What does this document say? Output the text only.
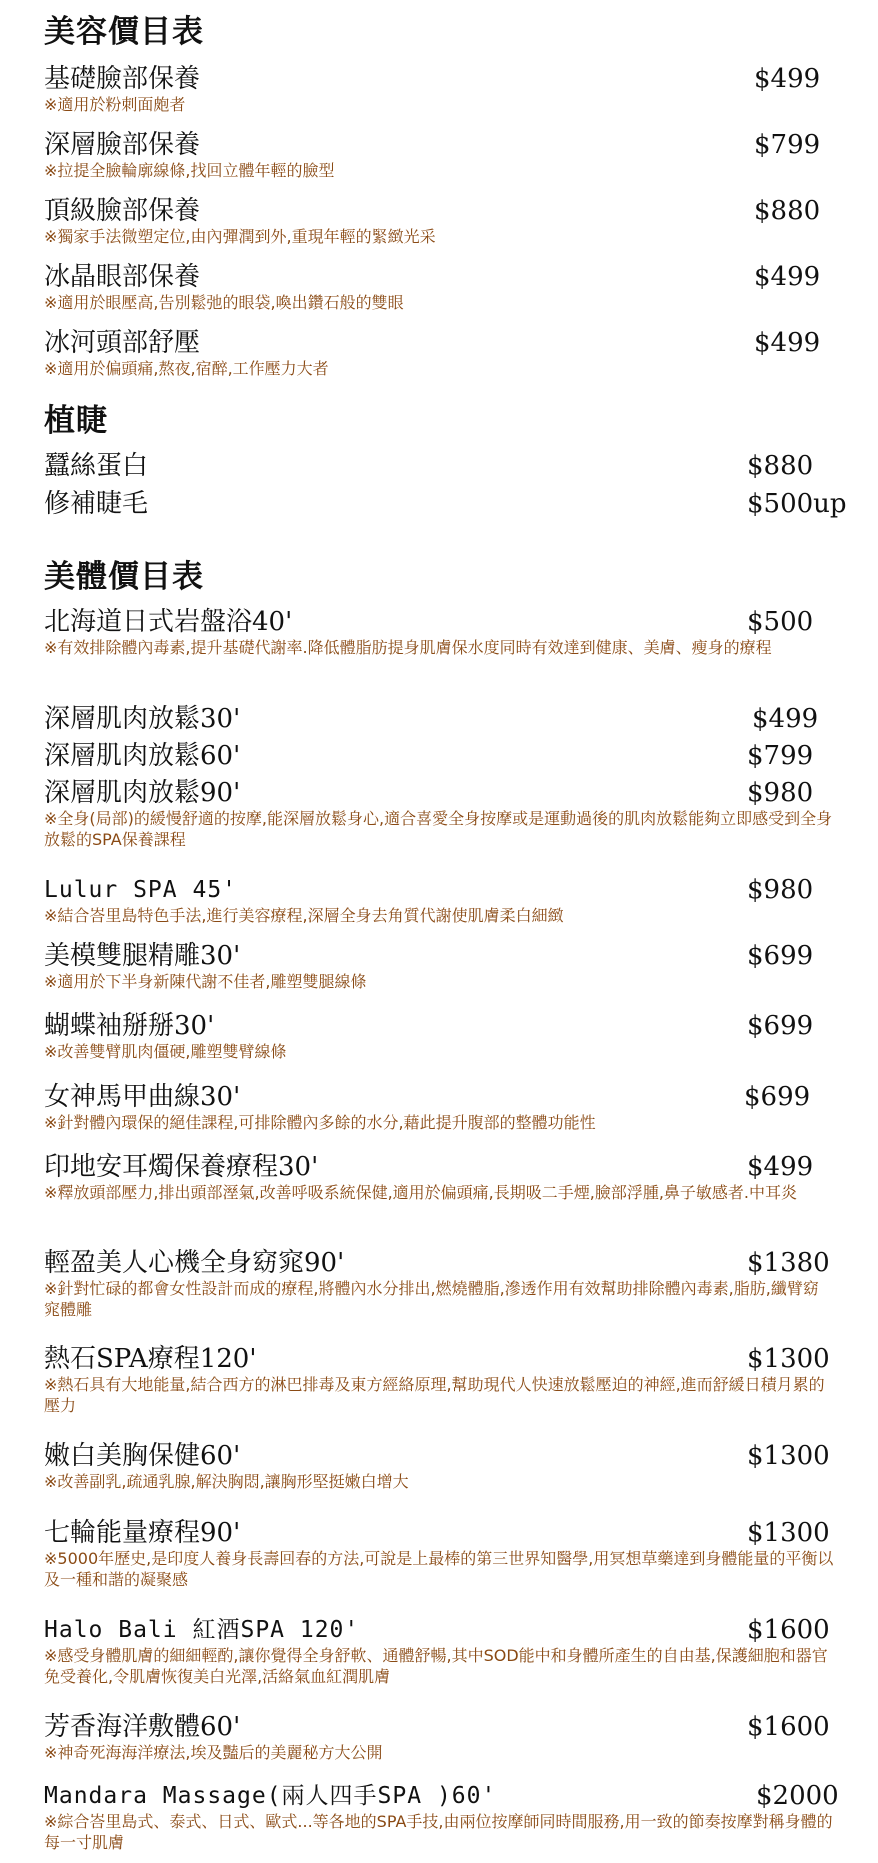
美容價目表
基礎臉部保養	$499
※適用於粉刺面皰者
深層臉部保養	$799
※拉提全臉輪廓線條,找回立體年輕的臉型
頂級臉部保養	$880
※獨家手法微塑定位,由內彈潤到外,重現年輕的緊緻光采
冰晶眼部保養	$499
※適用於眼壓高,告別鬆弛的眼袋,喚出鑽石般的雙眼
冰河頭部舒壓	$499
※適用於偏頭痛,熬夜,宿醉,工作壓力大者
植睫
蠶絲蛋白	$880
修補睫毛	$500up
美體價目表
北海道日式岩盤浴40'	$500
※有效排除體內毒素,提升基礎代謝率.降低體脂肪提身肌膚保水度同時有效達到健康、美膚、瘦身的療程
深層肌肉放鬆30'	$499
深層肌肉放鬆60'	$799
深層肌肉放鬆90'	$980
※全身(局部)的緩慢舒適的按摩,能深層放鬆身心,適合喜愛全身按摩或是運動過後的肌肉放鬆能夠立即感受到全身放鬆的SPA保養課程
Lulur SPA 45'	$980
※結合峇里島特色手法,進行美容療程,深層全身去角質代謝使肌膚柔白細緻
美模雙腿精雕30'	$699
※適用於下半身新陳代謝不佳者,雕塑雙腿線條
蝴蝶袖掰掰30'	$699
※改善雙臂肌肉僵硬,雕塑雙臂線條
女神馬甲曲線30'	$699
※針對體內環保的絕佳課程,可排除體內多餘的水分,藉此提升腹部的整體功能性
印地安耳燭保養療程30'	$499
※釋放頭部壓力,排出頭部溼氣,改善呼吸系統保健,適用於偏頭痛,長期吸二手煙,臉部浮腫,鼻子敏感者.中耳炎
輕盈美人心機全身窈窕90'	$1380
※針對忙碌的都會女性設計而成的療程,將體內水分排出,燃燒體脂,滲透作用有效幫助排除體內毒素,脂肪,纖臂窈窕體雕
熱石SPA療程120'	$1300
※熱石具有大地能量,結合西方的淋巴排毒及東方經絡原理,幫助現代人快速放鬆壓迫的神經,進而舒緩日積月累的壓力
嫩白美胸保健60'	$1300
※改善副乳,疏通乳腺,解決胸悶,讓胸形堅挺嫩白增大
七輪能量療程90'	$1300
※5000年歷史,是印度人養身長壽回春的方法,可說是上最棒的第三世界知醫學,用冥想草藥達到身體能量的平衡以及一種和諧的凝聚感
Halo Bali 紅酒SPA 120'	$1600
※感受身體肌膚的細細輕酌,讓你覺得全身舒軟、通體舒暢,其中SOD能中和身體所產生的自由基,保護細胞和器官免受養化,令肌膚恢復美白光澤,活絡氣血紅潤肌膚
芳香海洋敷體60'	$1600
※神奇死海海洋療法,埃及豔后的美麗秘方大公開
Mandara Massage(兩人四手SPA )60'	$2000
※綜合峇里島式、泰式、日式、歐式...等各地的SPA手技,由兩位按摩師同時間服務,用一致的節奏按摩對稱身體的每一寸肌膚
